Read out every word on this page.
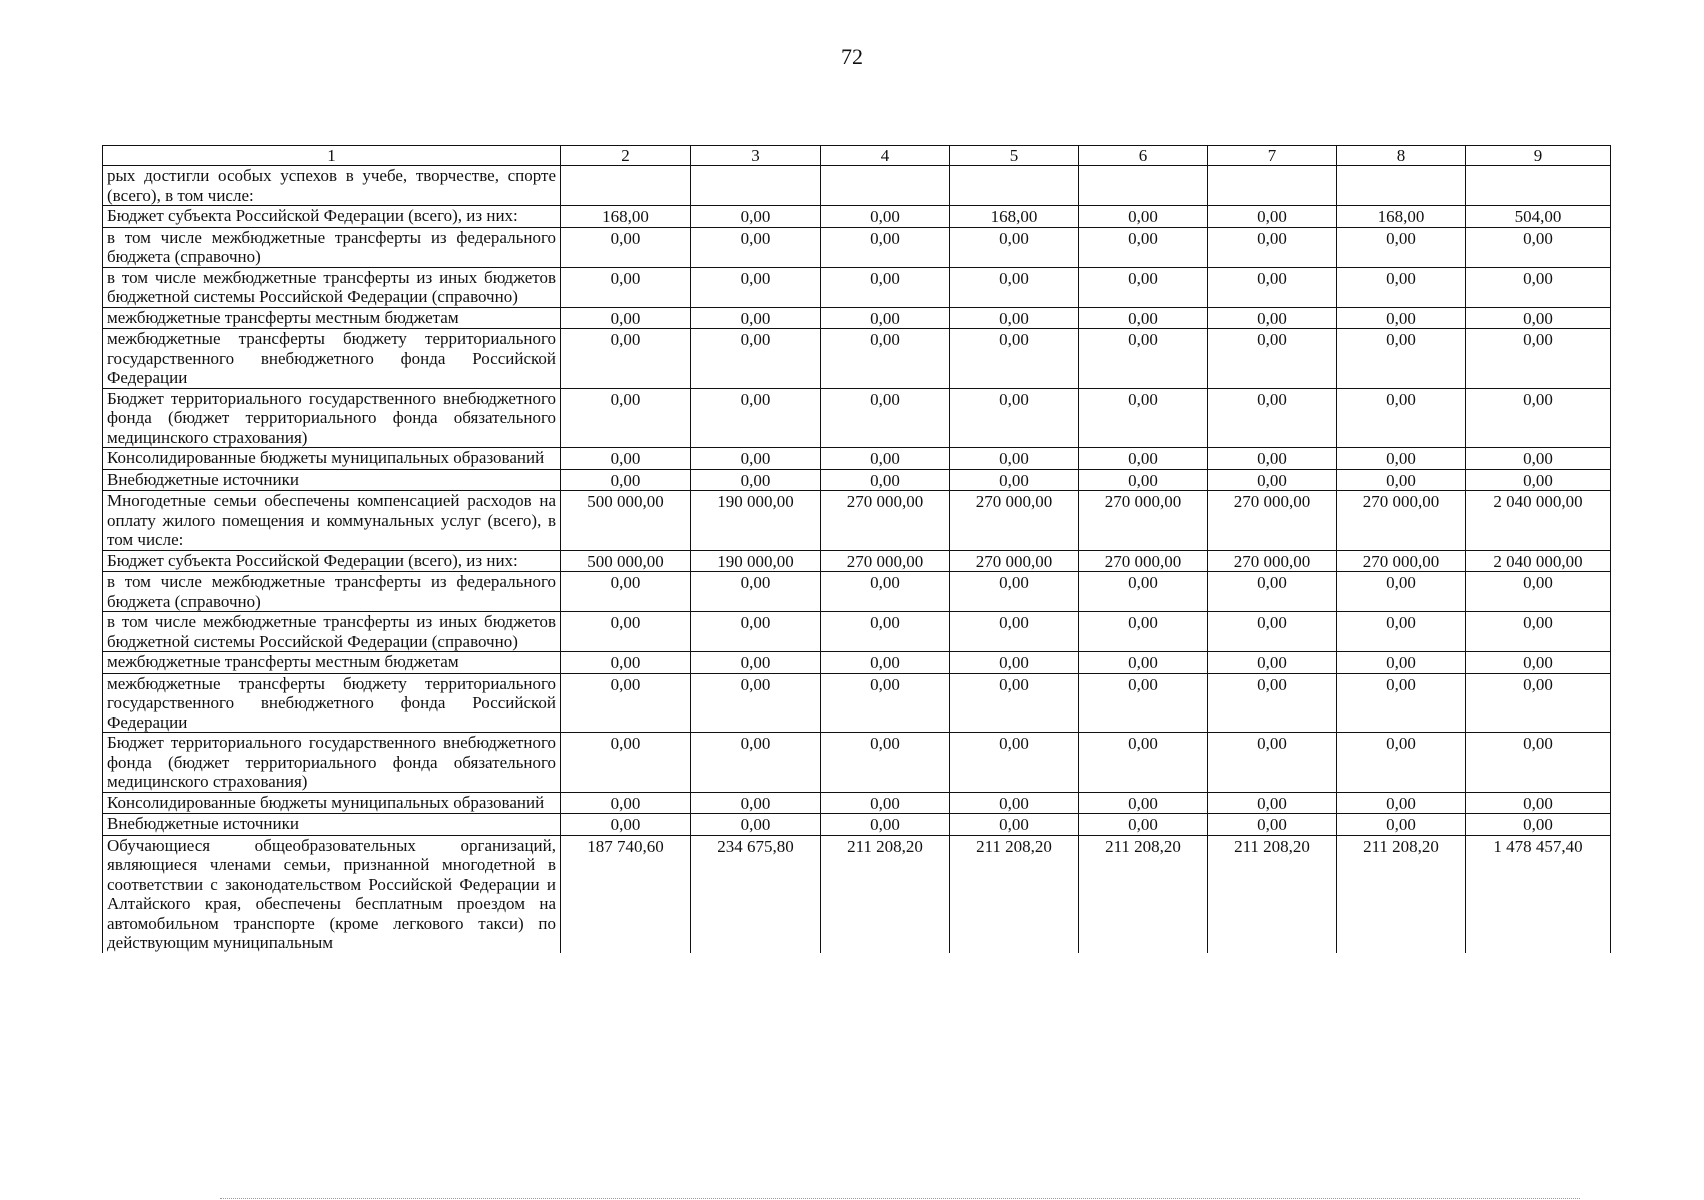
72
1	2	3	4	5	6	7	8	9
рых достигли особых успехов в учебе, творчестве, спорте (всего), в том числе:								
Бюджет субъекта Российской Федерации (всего), из них:	168,00	0,00	0,00	168,00	0,00	0,00	168,00	504,00
в том числе межбюджетные трансферты из федерального бюджета (справочно)	0,00	0,00	0,00	0,00	0,00	0,00	0,00	0,00
в том числе межбюджетные трансферты из иных бюджетов бюджетной системы Российской Федерации (справочно)	0,00	0,00	0,00	0,00	0,00	0,00	0,00	0,00
межбюджетные трансферты местным бюджетам	0,00	0,00	0,00	0,00	0,00	0,00	0,00	0,00
межбюджетные трансферты бюджету территориального государственного внебюджетного фонда Российской Федерации	0,00	0,00	0,00	0,00	0,00	0,00	0,00	0,00
Бюджет территориального государственного внебюджетного фонда (бюджет территориального фонда обязательного медицинского страхования)	0,00	0,00	0,00	0,00	0,00	0,00	0,00	0,00
Консолидированные бюджеты муниципальных образований	0,00	0,00	0,00	0,00	0,00	0,00	0,00	0,00
Внебюджетные источники	0,00	0,00	0,00	0,00	0,00	0,00	0,00	0,00
Многодетные семьи обеспечены компенсацией расходов на оплату жилого помещения и коммунальных услуг (всего), в том числе:	500 000,00	190 000,00	270 000,00	270 000,00	270 000,00	270 000,00	270 000,00	2 040 000,00
Бюджет субъекта Российской Федерации (всего), из них:	500 000,00	190 000,00	270 000,00	270 000,00	270 000,00	270 000,00	270 000,00	2 040 000,00
в том числе межбюджетные трансферты из федерального бюджета (справочно)	0,00	0,00	0,00	0,00	0,00	0,00	0,00	0,00
в том числе межбюджетные трансферты из иных бюджетов бюджетной системы Российской Федерации (справочно)	0,00	0,00	0,00	0,00	0,00	0,00	0,00	0,00
межбюджетные трансферты местным бюджетам	0,00	0,00	0,00	0,00	0,00	0,00	0,00	0,00
межбюджетные трансферты бюджету территориального государственного внебюджетного фонда Российской Федерации	0,00	0,00	0,00	0,00	0,00	0,00	0,00	0,00
Бюджет территориального государственного внебюджетного фонда (бюджет территориального фонда обязательного медицинского страхования)	0,00	0,00	0,00	0,00	0,00	0,00	0,00	0,00
Консолидированные бюджеты муниципальных образований	0,00	0,00	0,00	0,00	0,00	0,00	0,00	0,00
Внебюджетные источники	0,00	0,00	0,00	0,00	0,00	0,00	0,00	0,00
Обучающиеся общеобразовательных организаций, являющиеся членами семьи, признанной многодетной в соответствии с законодательством Российской Федерации и Алтайского края, обеспечены бесплатным проездом на автомобильном транспорте (кроме легкового такси) по действующим муниципальным	187 740,60	234 675,80	211 208,20	211 208,20	211 208,20	211 208,20	211 208,20	1 478 457,40
